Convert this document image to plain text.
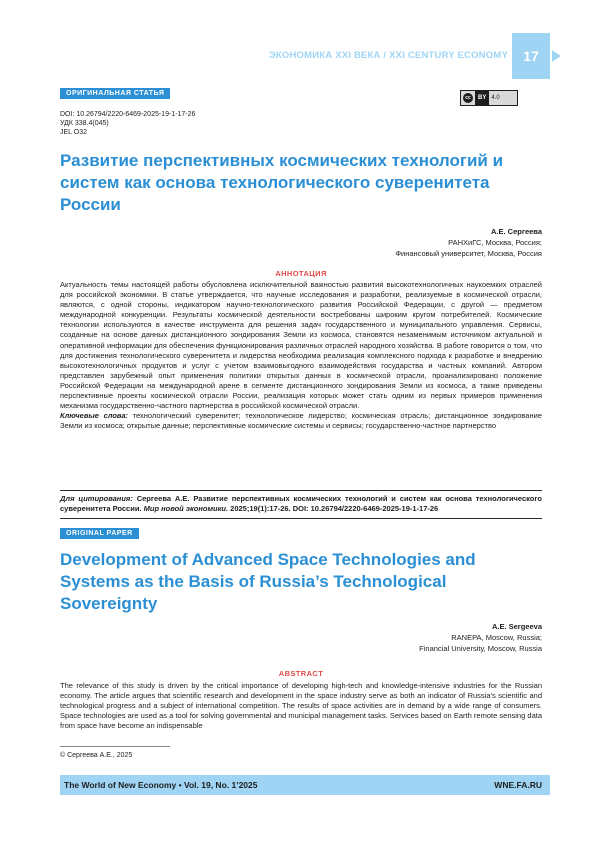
ЭКОНОМИКА XXI ВЕКА / XXI CENTURY ECONOMY	17
ОРИГИНАЛЬНАЯ СТАТЬЯ
cc	BY 4.0
DOI: 10.26794/2220-6469-2025-19-1-17-26
УДК 338.4(045)
JEL O32
Развитие перспективных космических технологий и систем как основа технологического суверенитета России
А.Е. Сергеева
РАНХиГС, Москва, Россия;
Финансовый университет, Москва, Россия
АННОТАЦИЯ

Актуальность темы настоящей работы обусловлена исключительной важностью развития высокотехнологичных наукоемких отраслей для российской экономики. В статье утверждается, что научные исследования и разработки, реализуемые в космической отрасли, являются, с одной стороны, индикатором научно-технологического развития Российской Федерации, с другой — предметом международной конкуренции. Результаты космической деятельности востребованы широким кругом потребителей. Космические технологии используются в качестве инструмента для решения задач государственного и муниципального управления. Сервисы, созданные на основе данных дистанционного зондирования Земли из космоса, становятся незаменимым источником актуальной и оперативной информации для обеспечения функционирования различных отраслей народного хозяйства. В работе говорится о том, что для достижения технологического суверенитета и лидерства необходима реализация комплексного подхода к разработке и внедрению высокотехнологичных продуктов и услуг с учетом взаимовыгодного взаимодействия государства и частных компаний. Автором представлен зарубежный опыт применения политики открытых данных в космической отрасли, проанализировано положение Российской Федерации на международной арене в сегменте дистанционного зондирования Земли из космоса, а также приведены перспективные проекты космической отрасли России, реализация которых может стать одним из первых примеров применения механизма государственно-частного партнерства в российской космической отрасли.

Ключевые слова: технологический суверенитет; технологическое лидерство; космическая отрасль; дистанционное зондирование Земли из космоса; открытые данные; перспективные космические системы и сервисы; государственно-частное партнерство

Для цитирования: Сергеева А.Е. Развитие перспективных космических технологий и систем как основа технологического суверенитета России. Мир новой экономики. 2025;19(1):17-26. DOI: 10.26794/2220-6469-2025-19-1-17-26
ORIGINAL PAPER
Development of Advanced Space Technologies and Systems as the Basis of Russia’s Technological Sovereignty
A.E. Sergeeva
RANEPA, Moscow, Russia;
Financial University, Moscow, Russia
ABSTRACT

The relevance of this study is driven by the critical importance of developing high-tech and knowledge-intensive industries for the Russian economy. The article argues that scientific research and development in the space industry serve as both an indicator of Russia's scientific and technological progress and a subject of international competition. The results of space activities are in demand by a wide range of consumers. Space technologies are used as a tool for solving governmental and municipal management tasks. Services based on Earth remote sensing data from space have become an indispensable

© Сергеева А.Е., 2025
The World of New Economy • Vol. 19, No. 1’2025	WNE.FA.RU
